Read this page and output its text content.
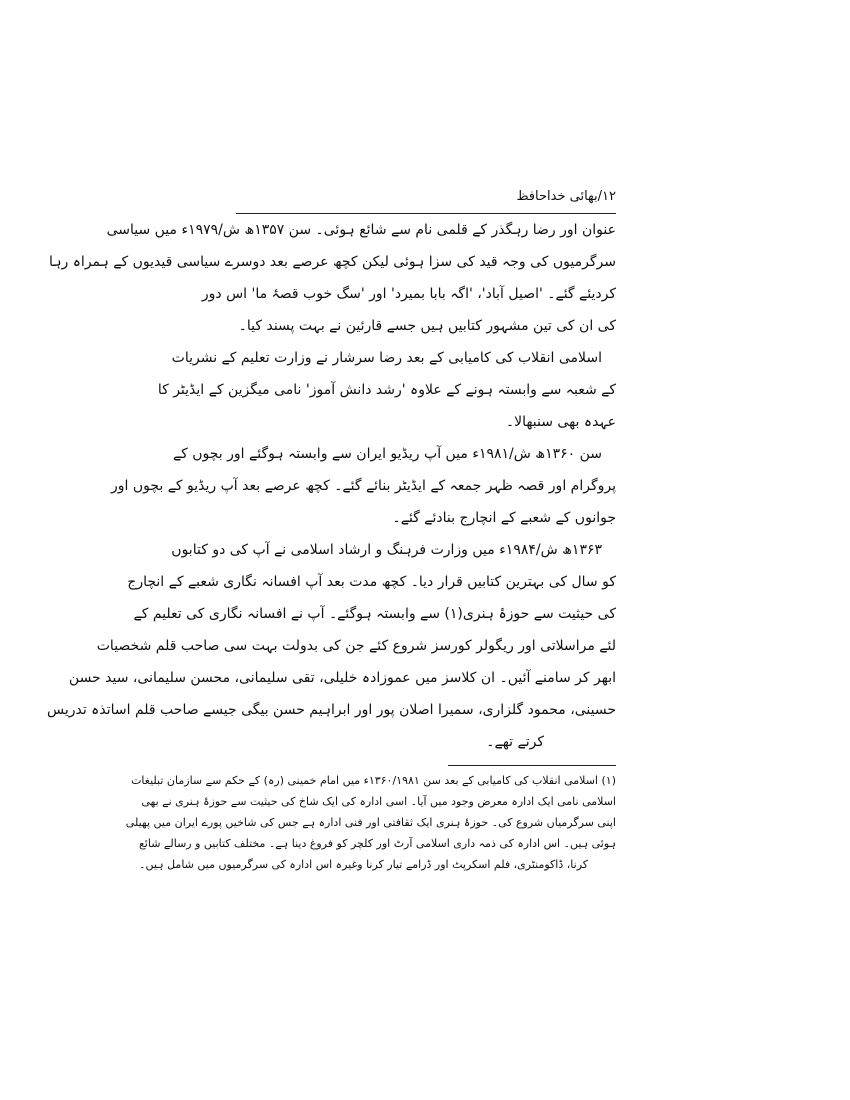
۱۲/بھائی خداحافظ
عنوان اور رضا رہگذر کے قلمی نام سے شائع ہوئی۔ سن ۱۳۵۷ھ ش/۱۹۷۹ء میں سیاسی
سرگرمیوں کی وجہ قید کی سزا ہوئی لیکن کچھ عرصے بعد دوسرے سیاسی قیدیوں کے ہمراہ رہا
کردیئے گئے۔ 'اصیل آباد'، 'اگہ بابا بمیرد' اور 'سگ خوب قصۂ ما' اس دور
کی ان کی تین مشہور کتابیں ہیں جسے قارئین نے بہت پسند کیا۔
اسلامی انقلاب کی کامیابی کے بعد رضا سرشار نے وزارت تعلیم کے نشریات
کے شعبہ سے وابستہ ہونے کے علاوہ 'رشد دانش آموز' نامی میگزین کے ایڈیٹر کا
عہدہ بھی سنبھالا۔
سن ۱۳۶۰ھ ش/۱۹۸۱ء میں آپ ریڈیو ایران سے وابستہ ہوگئے اور بچوں کے
پروگرام اور قصہ ظہر جمعہ کے ایڈیٹر بنائے گئے۔ کچھ عرصے بعد آپ ریڈیو کے بچوں اور
جوانوں کے شعبے کے انچارج بنادئے گئے۔
۱۳۶۳ھ ش/۱۹۸۴ء میں وزارت فرہنگ و ارشاد اسلامی نے آپ کی دو کتابوں
کو سال کی بہترین کتابیں قرار دیا۔ کچھ مدت بعد آپ افسانہ نگاری شعبے کے انچارج
کی حیثیت سے حوزۂ ہنری(۱) سے وابستہ ہوگئے۔ آپ نے افسانہ نگاری کی تعلیم کے
لئے مراسلاتی اور ریگولر کورسز شروع کئے جن کی بدولت بہت سی صاحب قلم شخصیات
ابھر کر سامنے آئیں۔ ان کلاسز میں عموزادہ خلیلی، تقی سلیمانی، محسن سلیمانی، سید حسن
حسینی، محمود گلزاری، سمیرا اصلان پور اور ابراہیم حسن بیگی جیسے صاحب قلم اساتذہ تدریس
کرتے تھے۔
(۱) اسلامی انقلاب کی کامیابی کے بعد سن ۱۳۶۰/۱۹۸۱ء میں امام خمینی (رہ) کے حکم سے سازمان تبلیغات
اسلامی نامی ایک ادارہ معرض وجود میں آیا۔ اسی ادارہ کی ایک شاخ کی حیثیت سے حوزۂ ہنری نے بھی
اپنی سرگرمیاں شروع کی۔ حوزۂ ہنری ایک ثقافتی اور فنی ادارہ ہے جس کی شاخیں پورے ایران میں پھیلی
ہوئی ہیں۔ اس ادارہ کی ذمہ داری اسلامی آرٹ اور کلچر کو فروغ دینا ہے۔ مختلف کتابیں و رسالے شائع
کرنا، ڈاکومنٹری، فلم اسکرپٹ اور ڈرامے تیار کرنا وغیرہ اس ادارہ کی سرگرمیوں میں شامل ہیں۔
